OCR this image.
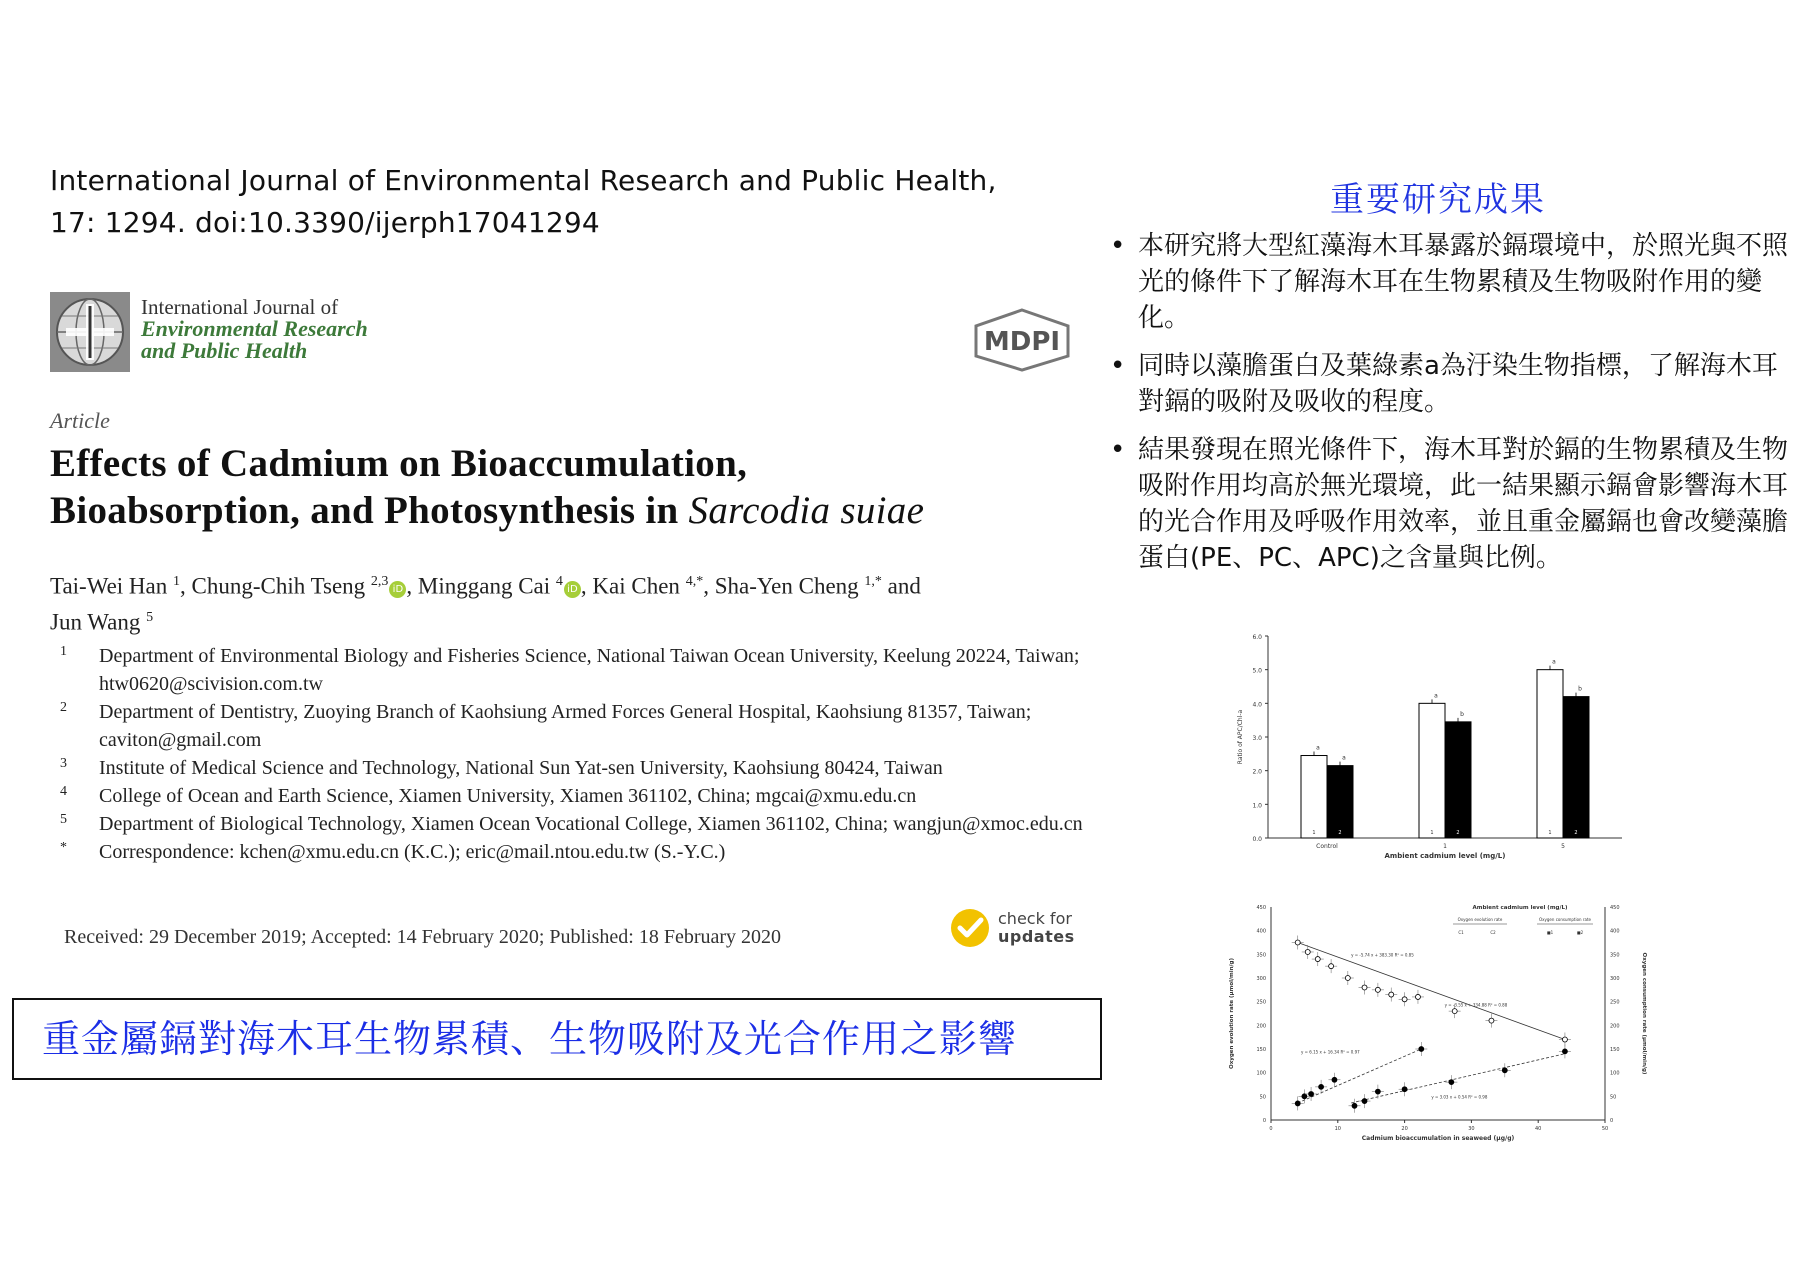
International Journal of Environmental Research and Public Health,
17: 1294. doi:10.3390/ijerph17041294
International Journal of
Environmental Research
and Public Health	MDPI
Article
Effects of Cadmium on Bioaccumulation,
Bioabsorption, and Photosynthesis in Sarcodia suiae
Tai-Wei Han $^1$, Chung-Chih Tseng $^{2,3}$iD , Minggang Cai $^4$iD , Kai Chen $^{4,*}$, Sha-Yen Cheng $^{1,*}$ and
Jun Wang $^5$
1	Department of Environmental Biology and Fisheries Science, National Taiwan Ocean University, Keelung 20224, Taiwan; htw0620@scivision.com.tw
2	Department of Dentistry, Zuoying Branch of Kaohsiung Armed Forces General Hospital, Kaohsiung 81357, Taiwan; caviton@gmail.com
3	Institute of Medical Science and Technology, National Sun Yat-sen University, Kaohsiung 80424, Taiwan
4	College of Ocean and Earth Science, Xiamen University, Xiamen 361102, China; mgcai@xmu.edu.cn
5	Department of Biological Technology, Xiamen Ocean Vocational College, Xiamen 361102, China; wangjun@xmoc.edu.cn
*	Correspondence: kchen@xmu.edu.cn (K.C.); eric@mail.ntou.edu.tw (S.-Y.C.)
Received: 29 December 2019; Accepted: 14 February 2020; Published: 18 February 2020
check for
updates
重金屬鎘對海木耳生物累積、生物吸附及光合作用之影響
重要研究成果
• 本研究將大型紅藻海木耳暴露於鎘環境中，於照光與不照光的條件下了解海木耳在生物累積及生物吸附作用的變化。
• 同時以藻膽蛋白及葉綠素a為汙染生物指標，了解海木耳對鎘的吸附及吸收的程度。
• 結果發現在照光條件下，海木耳對於鎘的生物累積及生物吸附作用均高於無光環境，此一結果顯示鎘會影響海木耳的光合作用及呼吸作用效率，並且重金屬鎘也會改變藻膽蛋白(PE、PC、APC)之含量與比例。
0.0
1.0
2.0
3.0
4.0
5.0
6.0
a
1
a
2
Control
a
1
b
2
1
a
1
b
2
5
Ambient cadmium level (mg/L)
Ratio of APC/Chl-a
0	0
50	50
100	100
150	150
200	200
250	250
300	300
350	350
400	400
450	450
0	10	20	30	40	50
Cadmium bioaccumulation in seaweed (μg/g)
Oxygen evolution rate (μmol/min/g)	Oxygen consumption rate (μmol/min/g)
Ambient cadmium level (mg/L)
Oxygen evolution rate	Oxygen consumption rate
C1	C2	■1	■2
y = -5.74 x + 383.30 R² = 0.85
y = -3.55 x + 334.88 R² = 0.88
y = 6.15 x + 16.34 R² = 0.97
y = 3.03 x + 0.54 R² = 0.98
